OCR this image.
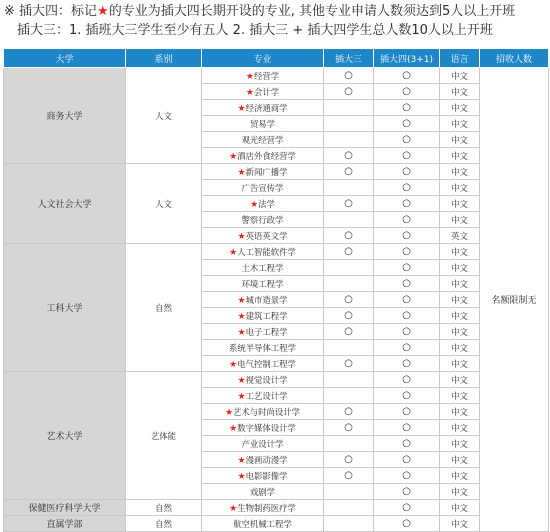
※ 插大四：标记★的专业为插大四长期开设的专业, 其他专业申请人数须达到5人以上开班
插大三：1. 插班大三学生至少有五人 2. 插大三 + 插大四学生总人数10人以上开班
大学	系别	专业	插大三	插大四(3+1)	语言	招收人数
商务大学	人文	★经营学	○	○	中文	名额限制无
		★会计学	○	○	中文	
		★经济通商学		○	中文	
		贸易学		○	中文	
		观光经营学		○	中文	
		★酒店外食经营学	○	○	中文	
人文社会大学	人文	★新闻广播学	○	○	中文	
		广告宣传学		○	中文	
		★法学	○	○	中文	
		警察行政学		○	中文	
		★英语英文学	○	○	英文	
工科大学	自然	★人工智能软件学	○	○	中文	
		土木工程学		○	中文	
		环境工程学		○	中文	
		★城市造景学	○	○	中文	
		★建筑工程学	○	○	中文	
		★电子工程学	○	○	中文	
		系统半导体工程学		○	中文	
		★电气控制工程学	○	○	中文	
艺术大学	艺体能	★视觉设计学		○	中文	
		★工艺设计学		○	中文	
		★艺术与时尚设计学	○	○	中文	
		★数字媒体设计学	○	○	中文	
		产业设计学		○	中文	
		★漫画动漫学	○	○	中文	
		★电影影像学	○	○	中文	
		戏剧学		○	中文	
保健医疗科学大学	自然	★生物制药医疗学		○	中文	
直属学部	自然	航空机械工程学		○	中文	
